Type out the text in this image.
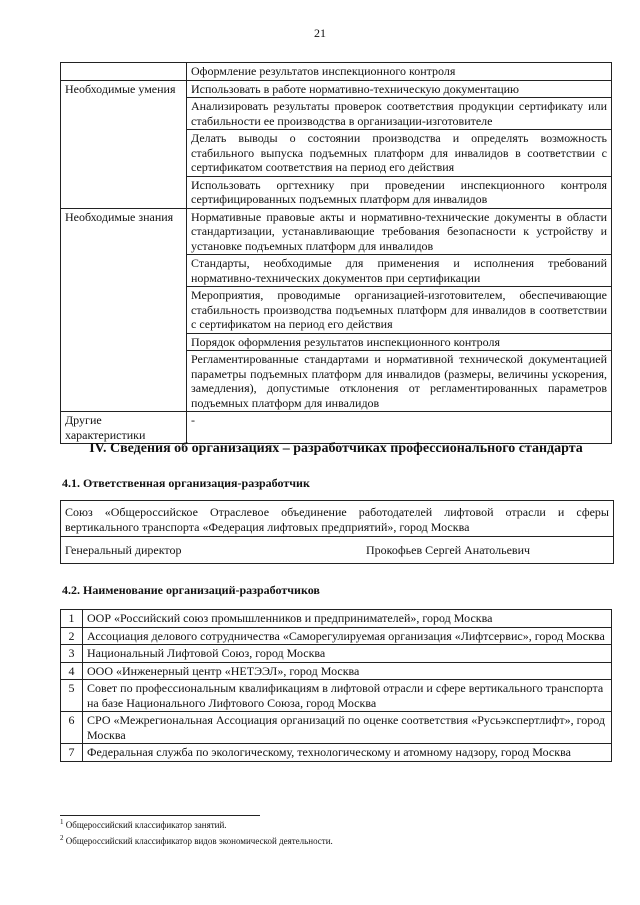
21
	Оформление результатов инспекционного контроля
Необходимые умения	Использовать в работе нормативно-техническую документацию
	Анализировать результаты проверок соответствия продукции сертификату или стабильности ее производства в организации-изготовителе
	Делать выводы о состоянии производства и определять возможность стабильного выпуска подъемных платформ для инвалидов в соответствии с сертификатом соответствия на период его действия
	Использовать оргтехнику при проведении инспекционного контроля сертифицированных подъемных платформ для инвалидов
Необходимые знания	Нормативные правовые акты и нормативно-технические документы в области стандартизации, устанавливающие требования безопасности к устройству и установке подъемных платформ для инвалидов
	Стандарты, необходимые для применения и исполнения требований нормативно-технических документов при сертификации
	Мероприятия, проводимые организацией-изготовителем, обеспечивающие стабильность производства подъемных платформ для инвалидов в соответствии с сертификатом на период его действия
	Порядок оформления результатов инспекционного контроля
	Регламентированные стандартами и нормативной технической документацией параметры подъемных платформ для инвалидов (размеры, величины ускорения, замедления), допустимые отклонения от регламентированных параметров подъемных платформ для инвалидов
Другие характеристики	-
IV. Сведения об организациях – разработчиках профессионального стандарта
4.1. Ответственная организация-разработчик
Союз «Общероссийское Отраслевое объединение работодателей лифтовой отрасли и сферы вертикального транспорта «Федерация лифтовых предприятий», город Москва
Генеральный директор	Прокофьев Сергей Анатольевич
4.2. Наименование организаций-разработчиков
1	ООР «Российский союз промышленников и предпринимателей», город Москва
2	Ассоциация делового сотрудничества «Саморегулируемая организация «Лифтсервис», город Москва
3	Национальный Лифтовой Союз, город Москва
4	ООО «Инженерный центр «НЕТЭЭЛ», город Москва
5	Совет по профессиональным квалификациям в лифтовой отрасли и сфере вертикального транспорта на базе Национального Лифтового Союза, город Москва
6	СРО «Межрегиональная Ассоциация организаций по оценке соответствия «Русьэкспертлифт», город Москва
7	Федеральная служба по экологическому, технологическому и атомному надзору, город Москва
$^1$ Общероссийский классификатор занятий.
$^2$ Общероссийский классификатор видов экономической деятельности.
